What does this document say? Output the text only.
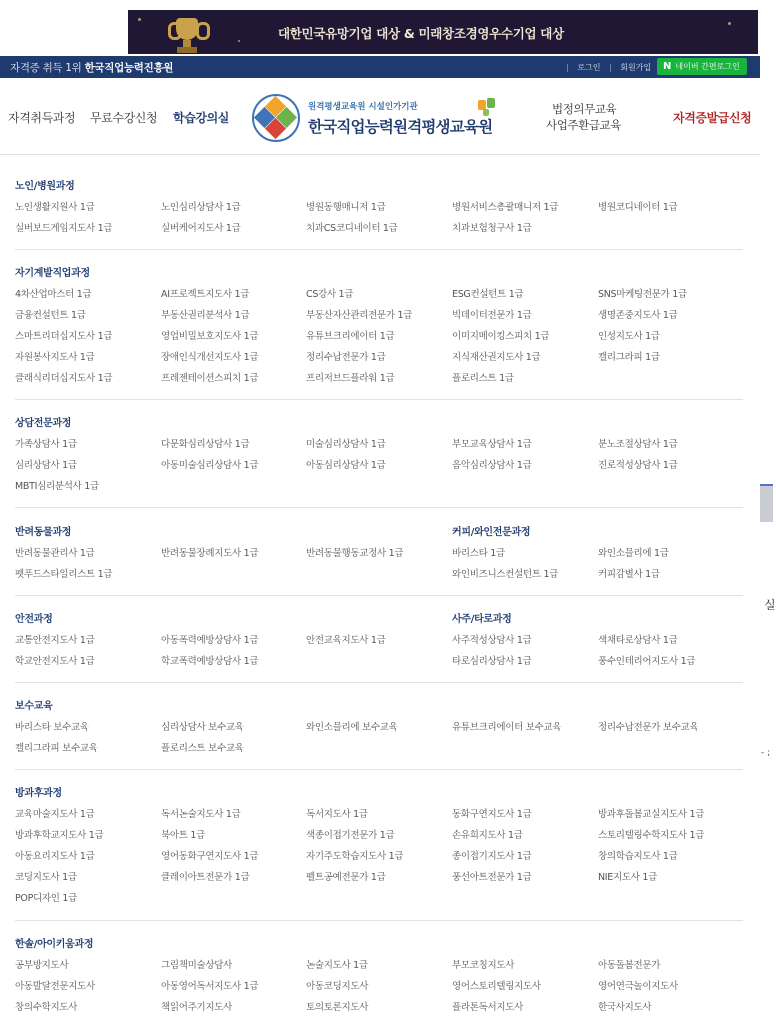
대한민국유망기업 대상 & 미래창조경영우수기업 대상
자격증 취득 1위 한국직업능력진흥원	| 로그인 | 회원가입	N 네이버 간편로그인
자격취득과정 무료수강신청 학습강의실
원격평생교육원 시설인가기관
한국직업능력원격평생교육원
법정의무교육
사업주환급교육	자격증발급신청
노인/병원과정
노인생활지원사 1급	노인심리상담사 1급	병원동행매니저 1급	병원서비스총괄매니저 1급	병원코디네이터 1급
실버보드게임지도사 1급	실버케어지도사 1급	치과CS코디네이터 1급	치과보험청구사 1급
자기계발직업과정
4차산업마스터 1급	AI프로젝트지도사 1급	CS강사 1급	ESG컨설턴트 1급	SNS마케팅전문가 1급
금융컨설턴트 1급	부동산권리분석사 1급	부동산자산관리전문가 1급	빅데이터전문가 1급	생명존중지도사 1급
스마트리더십지도사 1급	영업비밀보호지도사 1급	유튜브크리에이터 1급	이미지메이킹스피치 1급	인성지도사 1급
자원봉사지도사 1급	장애인식개선지도사 1급	정리수납전문가 1급	지식재산권지도사 1급	캘리그라피 1급
클래식리더십지도사 1급	프레젠테이션스피치 1급	프리저브드플라워 1급	플로리스트 1급
상담전문과정
가족상담사 1급	다문화심리상담사 1급	미술심리상담사 1급	부모교육상담사 1급	분노조절상담사 1급
심리상담사 1급	아동미술심리상담사 1급	아동심리상담사 1급	음악심리상담사 1급	진로적성상담사 1급
MBTI심리분석사 1급
반려동물과정
반려동물관리사 1급	반려동물장례지도사 1급	반려동물행동교정사 1급
펫푸드스타일리스트 1급
커피/와인전문과정
바리스타 1급	와인소믈리에 1급
와인비즈니스컨설턴트 1급	커피감별사 1급
안전과정
교통안전지도사 1급	아동폭력예방상담사 1급	안전교육지도사 1급
학교안전지도사 1급	학교폭력예방상담사 1급
사주/타로과정
사주적성상담사 1급	색채타로상담사 1급
타로심리상담사 1급	풍수인테리어지도사 1급
보수교육
바리스타 보수교육	심리상담사 보수교육	와인소믈리에 보수교육	유튜브크리에이터 보수교육	정리수납전문가 보수교육
캘리그라피 보수교육	플로리스트 보수교육
방과후과정
교육마술지도사 1급	독서논술지도사 1급	독서지도사 1급	동화구연지도사 1급	방과후돌봄교실지도사 1급
방과후학교지도사 1급	북아트 1급	색종이접기전문가 1급	손유희지도사 1급	스토리텔링수학지도사 1급
아동요리지도사 1급	영어동화구연지도사 1급	자기주도학습지도사 1급	종이접기지도사 1급	창의학습지도사 1급
코딩지도사 1급	클레이아트전문가 1급	펠트공예전문가 1급	풍선아트전문가 1급	NIE지도사 1급
POP디자인 1급
한솔/아이키움과정
공부방지도사	그림책미술상담사	논술지도사 1급	부모코칭지도사	아동돌봄전문가
아동발달전문지도사	아동영어독서지도사 1급	아동코딩지도사	영어스토리텔링지도사	영어연극놀이지도사
창의수학지도사	책읽어주기지도사	토의토론지도사	플라톤독서지도사	한국사지도사
실
- ;
